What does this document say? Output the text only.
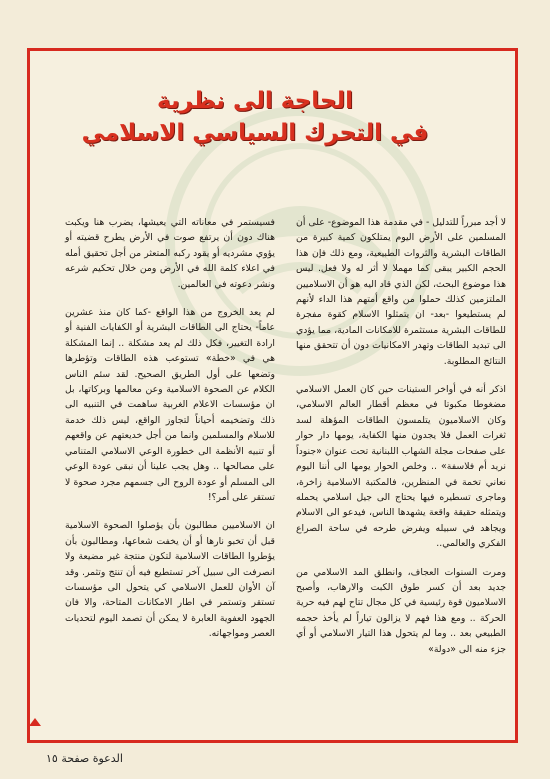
الحاجة الى نظرية
في التحرك السياسي الاسلامي

لا أجد مبرراً للتدليل - في مقدمة هذا الموضوع- على أن المسلمين على الأرض اليوم يمتلكون كمية كبيرة من الطاقات البشرية والثروات الطبيعية، ومع ذلك فإن هذا الحجم الكبير يبقى كما مهملا لا أثر له ولا فعل. ليس هذا موضوع البحث، لكن الذي قاد اليه هو أن الاسلاميين الملتزمين كذلك حملوا من واقع أمتهم هذا الداء لأنهم لم يستطيعوا -بعد- ان يتمثلوا الاسلام كقوة مفجرة للطاقات البشرية مستثمرة للامكانات المادية، مما يؤدي الى تبديد الطاقات وتهدر الامكانيات دون أن تتحقق منها النتائج المطلوبة.

اذكر أنه في أواخر الستينات حين كان العمل الاسلامي مضغوطا مكبوتا في معظم أقطار العالم الاسلامي، وكان الاسلاميون يتلمسون الطاقات المؤهلة لسد ثغرات العمل فلا يجدون منها الكفاية، يومها دار حوار على صفحات مجلة الشهاب اللبنانية تحت عنوان «جنوداً نريد أم فلاسفة» .. وخلص الحوار يومها الى أننا اليوم نعاني تخمة في المنظرين، فالمكتبة الاسلامية زاخرة، وماجرى تسطيره فيها يحتاج الى جيل اسلامي يحمله ويتمثله حقيقة واقعة يشهدها الناس، فيدعو الى الاسلام ويجاهد في سبيله ويفرض طرحه في ساحة الصراع الفكري والعالمي..

ومرت السنوات العجاف، وانطلق المد الاسلامي من جديد بعد أن كسر طوق الكبت والارهاب، وأصبح الاسلاميون قوة رئيسية في كل مجال تتاح لهم فيه حرية الحركة .. ومع هذا فهم لا يزالون تياراً لم يأخذ حجمه الطبيعي بعد .. وما لم يتحول هذا التيار الاسلامي أو أي جزء منه الى «دولة»

فسيستمر في معاناته التي يعيشها، يضرب هنا ويكبت هناك دون أن يرتفع صوت في الأرض يطرح قضيته أو يؤوي مشرديه أو يقود ركبه المتعثر من أجل تحقيق أمله في اعلاء كلمة الله في الأرض ومن خلال تحكيم شرعه ونشر دعوته في العالمين.

لم يعد الخروج من هذا الواقع -كما كان منذ عشرين عاماً- يحتاج الى الطاقات البشرية أو الكفايات الفنية أو ارادة التغيير، فكل ذلك لم يعد مشكلة .. إنما المشكلة هي في «خطة» تستوعب هذه الطاقات وتؤطرها وتضعها على أول الطريق الصحيح. لقد سئم الناس الكلام عن الصحوة الاسلامية وعن معالمها وبركاتها، بل ان مؤسسات الاعلام الغربية ساهمت في التنبيه الى ذلك وتضخيمه أحياناً لتجاوز الواقع، ليس ذلك خدمة للاسلام والمسلمين وانما من أجل خديعتهم عن واقعهم أو تنبيه الأنظمة الى خطورة الوعي الاسلامي المتنامي على مصالحها .. وهل يجب علينا أن نبقى عودة الوعي الى المسلم أو عودة الروح الى جسمهم مجرد صحوة لا تستقر على أمر؟!

ان الاسلاميين مطالبون بأن يؤصلوا الصحوة الاسلامية قبل أن تخبو نارها أو أن يخفت شعاعها، ومطالبون بأن يؤطروا الطاقات الاسلامية لتكون منتجة غير مضيعة ولا انصرفت الى سبيل آخر تستطيع فيه أن تنتج وتثمر. وقد آن الأوان للعمل الاسلامي كي يتحول الى مؤسسات تستقر وتستمر في اطار الامكانات المتاحة، والا فان الجهود العفوية العابرة لا يمكن أن تصمد اليوم لتحديات العصر ومواجهاته.

الدعوة صفحة ١٥
